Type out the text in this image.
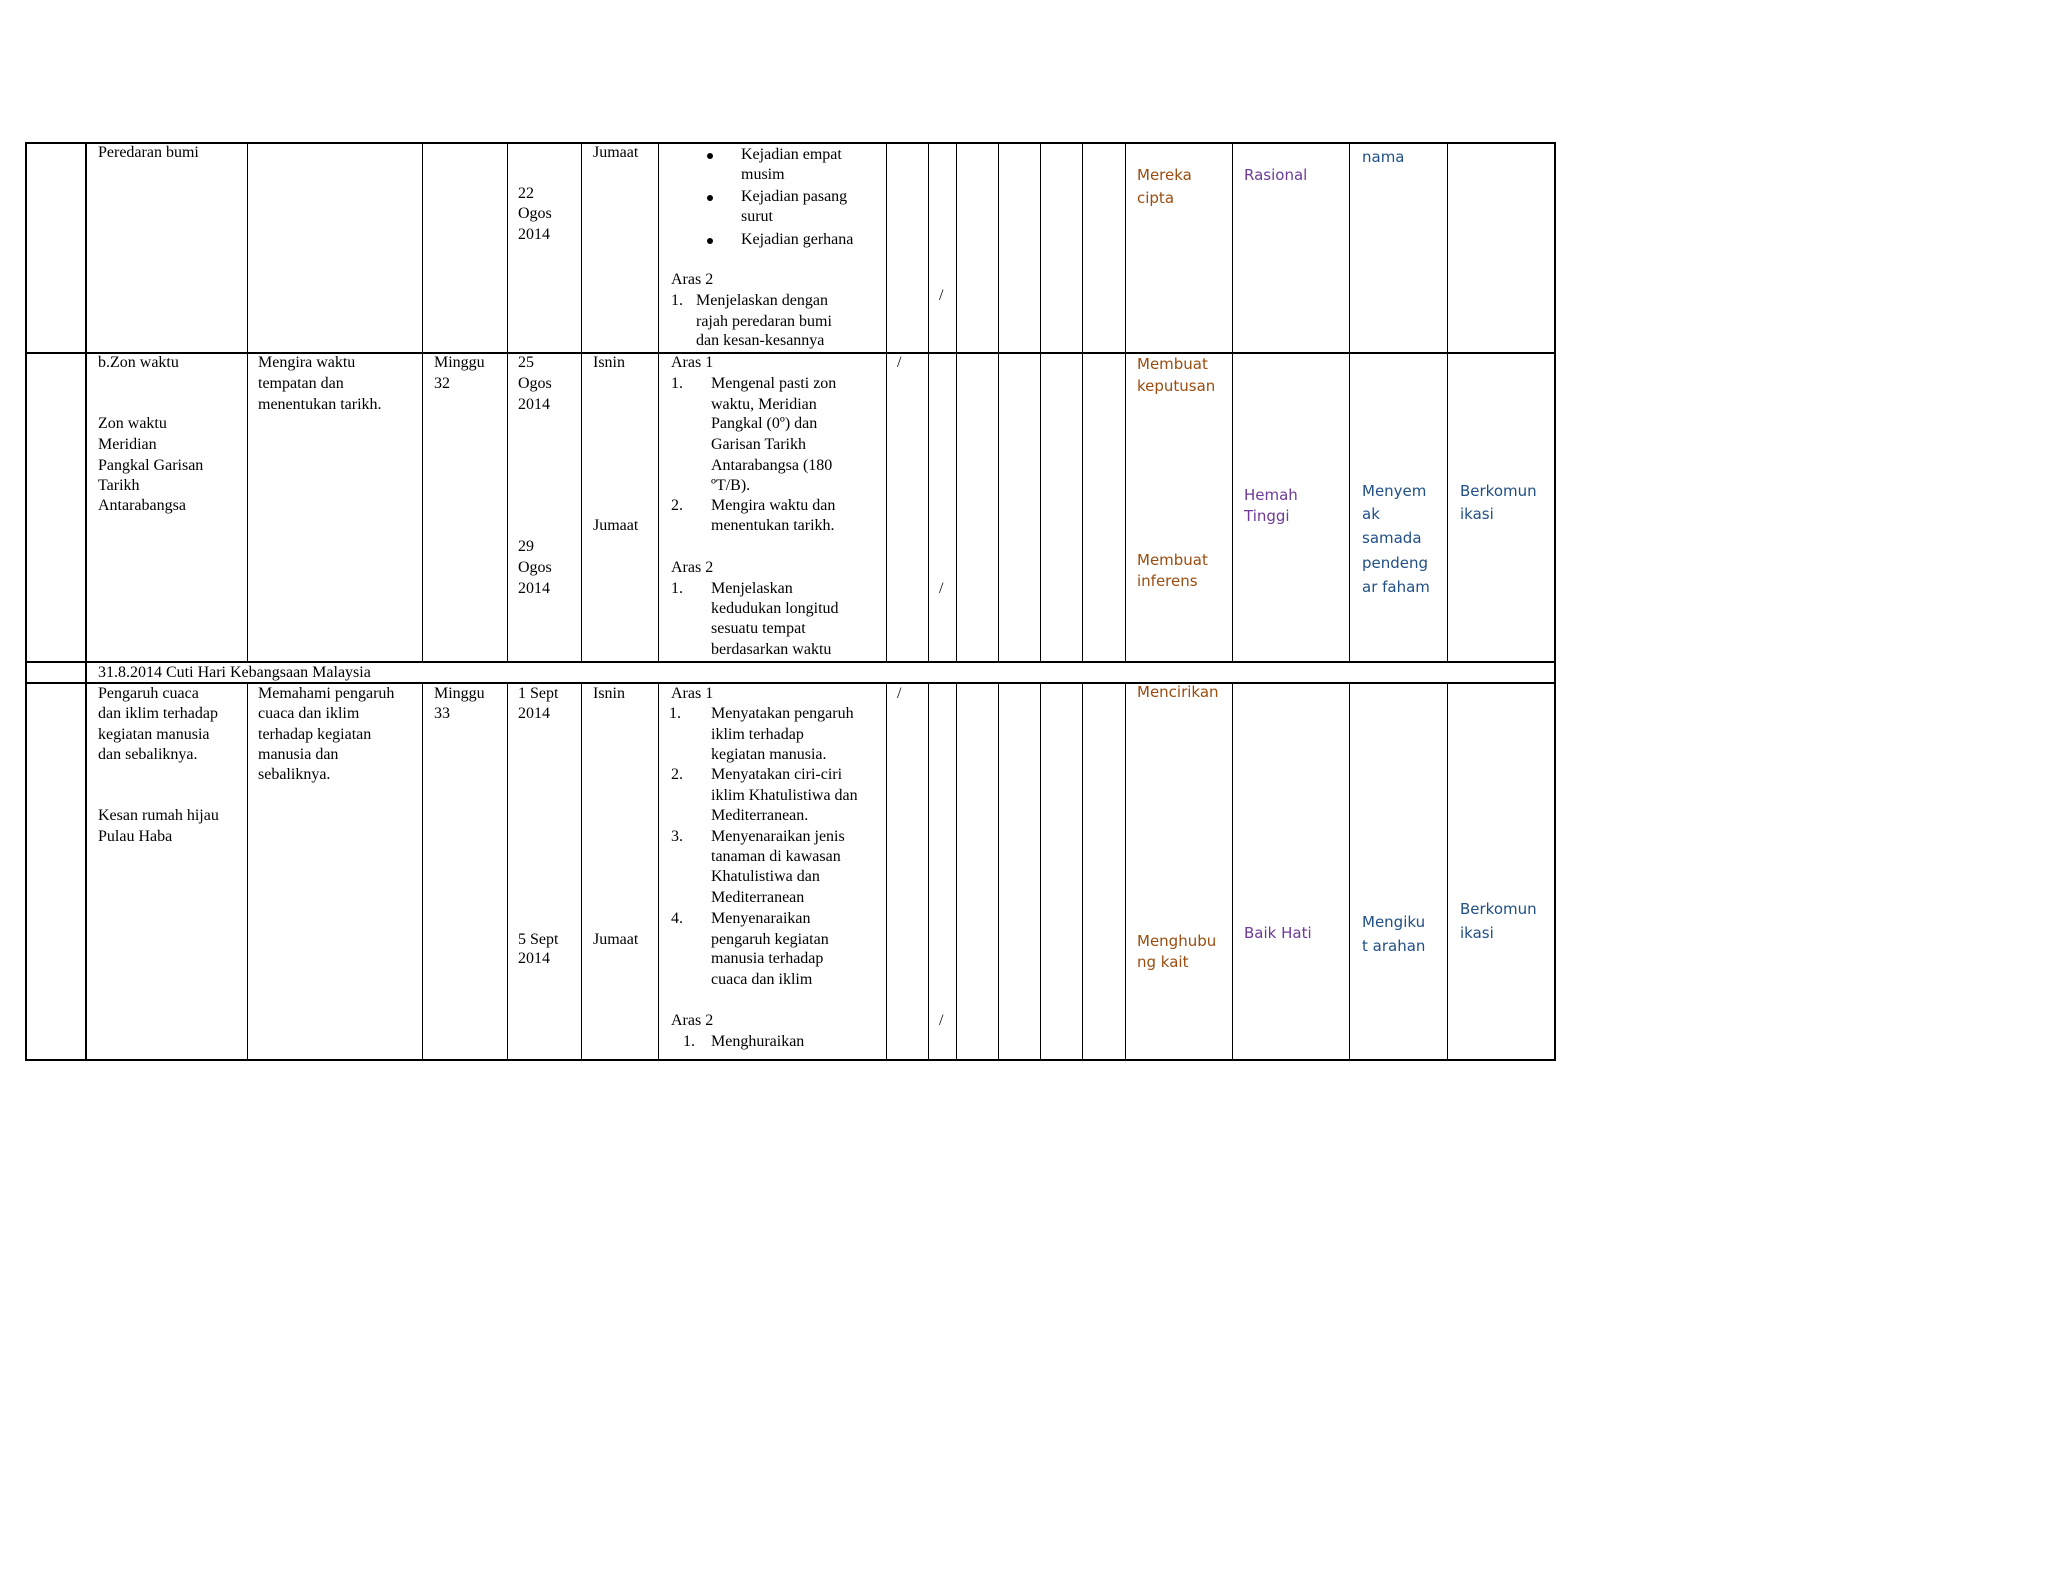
Peredaran bumi
22
Ogos
2014
Jumaat	Kejadian empat
musim
Kejadian pasang
surut
Kejadian gerhana
Aras 2
1. Menjelaskan dengan
rajah peredaran bumi
dan kesan-kesannya
/
Mereka
cipta
Rasional
nama
b.Zon waktu
Zon waktu
Meridian
Pangkal Garisan
Tarikh
Antarabangsa
Mengira waktu
tempatan dan
menentukan tarikh.
Minggu
32
25
Ogos
2014
29
Ogos
2014
Isnin
Jumaat
Aras 1
1. Mengenal pasti zon
waktu, Meridian
Pangkal (0º) dan
Garisan Tarikh
Antarabangsa (180
ºT/B).
2. Mengira waktu dan
menentukan tarikh.
Aras 2
1. Menjelaskan
kedudukan longitud
sesuatu tempat
berdasarkan waktu
/
/
Membuat
keputusan
Membuat
inferens
Hemah
Tinggi
Menyem
ak
samada
pendeng
ar faham
Berkomun
ikasi
31.8.2014 Cuti Hari Kebangsaan Malaysia
Pengaruh cuaca
dan iklim terhadap
kegiatan manusia
dan sebaliknya.
Kesan rumah hijau
Pulau Haba
Memahami pengaruh
cuaca dan iklim
terhadap kegiatan
manusia dan
sebaliknya.
Minggu
33
1 Sept
2014
5 Sept
2014
Isnin
Jumaat
Aras 1
1. Menyatakan pengaruh
iklim terhadap
kegiatan manusia.
2. Menyatakan ciri-ciri
iklim Khatulistiwa dan
Mediterranean.
3. Menyenaraikan jenis
tanaman di kawasan
Khatulistiwa dan
Mediterranean
4. Menyenaraikan
pengaruh kegiatan
manusia terhadap
cuaca dan iklim
Aras 2
1. Menghuraikan
/
/
Mencirikan
Menghubu
ng kait
Baik Hati
Mengiku
t arahan
Berkomun
ikasi
